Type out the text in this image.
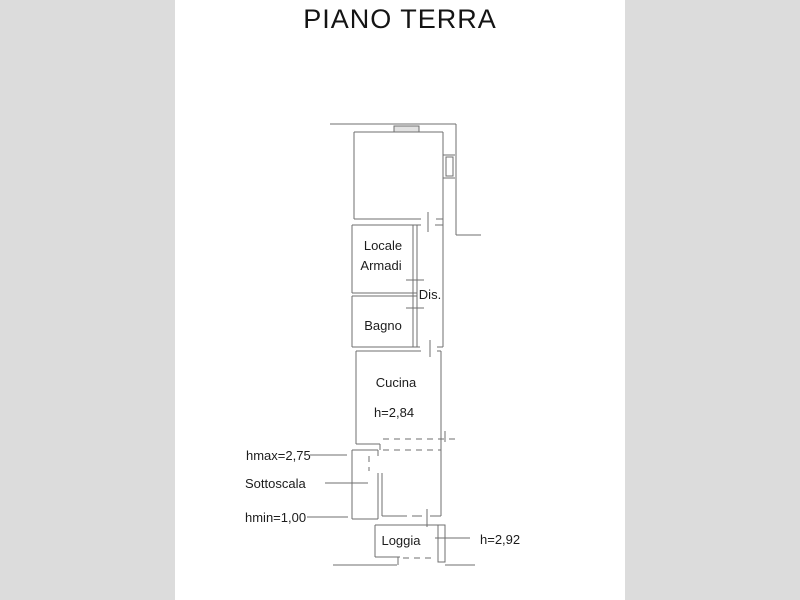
PIANO TERRA
Locale
Armadi
Dis.
Bagno
Cucina
h=2,84
Loggia	h=2,92
hmax=2,75
Sottoscala
hmin=1,00
